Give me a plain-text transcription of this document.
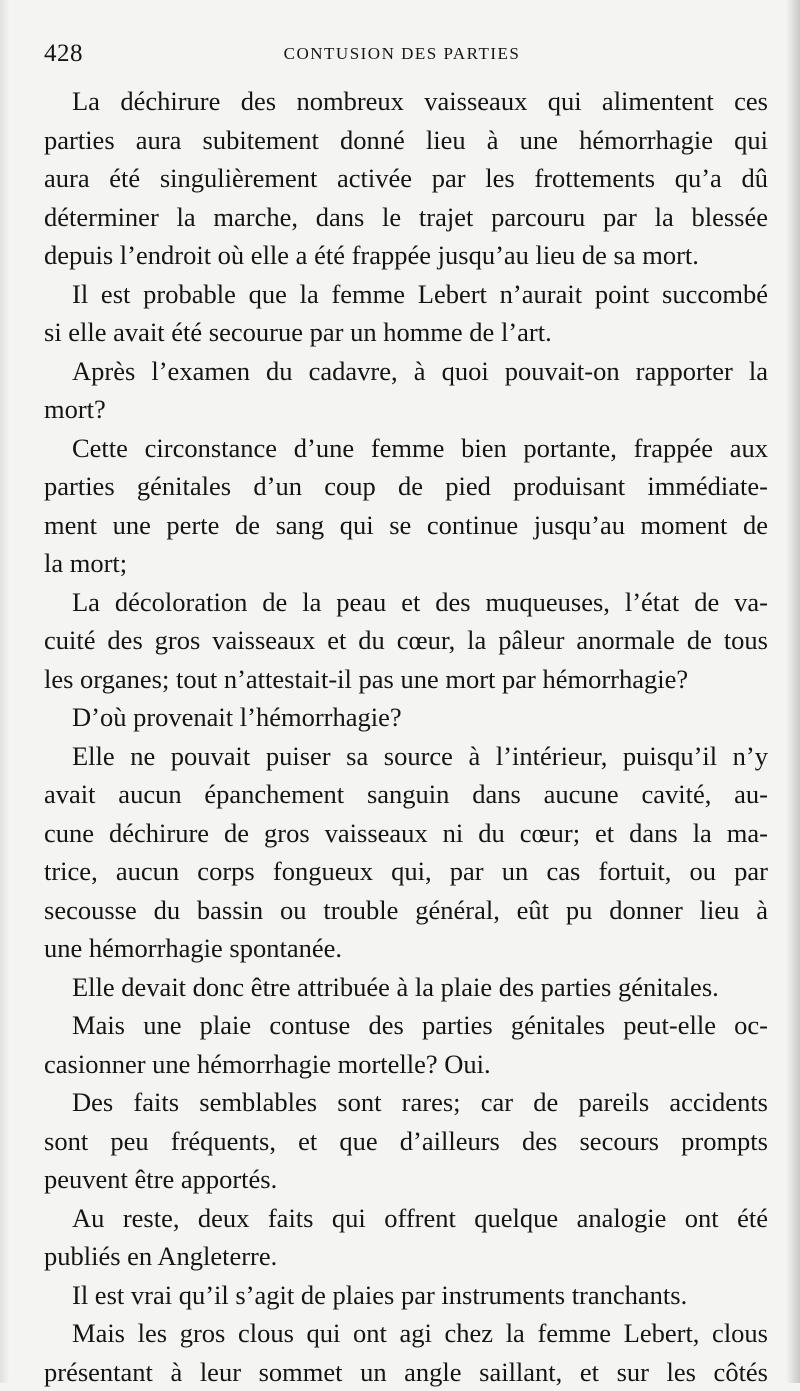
428	CONTUSION DES PARTIES
La déchirure des nombreux vaisseaux qui alimentent ces
parties aura subitement donné lieu à une hémorrhagie qui
aura été singulièrement activée par les frottements qu’a dû
déterminer la marche, dans le trajet parcouru par la blessée
depuis l’endroit où elle a été frappée jusqu’au lieu de sa mort.
Il est probable que la femme Lebert n’aurait point succombé
si elle avait été secourue par un homme de l’art.
Après l’examen du cadavre, à quoi pouvait-on rapporter la
mort?
Cette circonstance d’une femme bien portante, frappée aux
parties génitales d’un coup de pied produisant immédiate-
ment une perte de sang qui se continue jusqu’au moment de
la mort;
La décoloration de la peau et des muqueuses, l’état de va-
cuité des gros vaisseaux et du cœur, la pâleur anormale de tous
les organes; tout n’attestait-il pas une mort par hémorrhagie?
D’où provenait l’hémorrhagie?
Elle ne pouvait puiser sa source à l’intérieur, puisqu’il n’y
avait aucun épanchement sanguin dans aucune cavité, au-
cune déchirure de gros vaisseaux ni du cœur; et dans la ma-
trice, aucun corps fongueux qui, par un cas fortuit, ou par
secousse du bassin ou trouble général, eût pu donner lieu à
une hémorrhagie spontanée.
Elle devait donc être attribuée à la plaie des parties génitales.
Mais une plaie contuse des parties génitales peut-elle oc-
casionner une hémorrhagie mortelle? Oui.
Des faits semblables sont rares; car de pareils accidents
sont peu fréquents, et que d’ailleurs des secours prompts
peuvent être apportés.
Au reste, deux faits qui offrent quelque analogie ont été
publiés en Angleterre.
Il est vrai qu’il s’agit de plaies par instruments tranchants.
Mais les gros clous qui ont agi chez la femme Lebert, clous
présentant à leur sommet un angle saillant, et sur les côtés
